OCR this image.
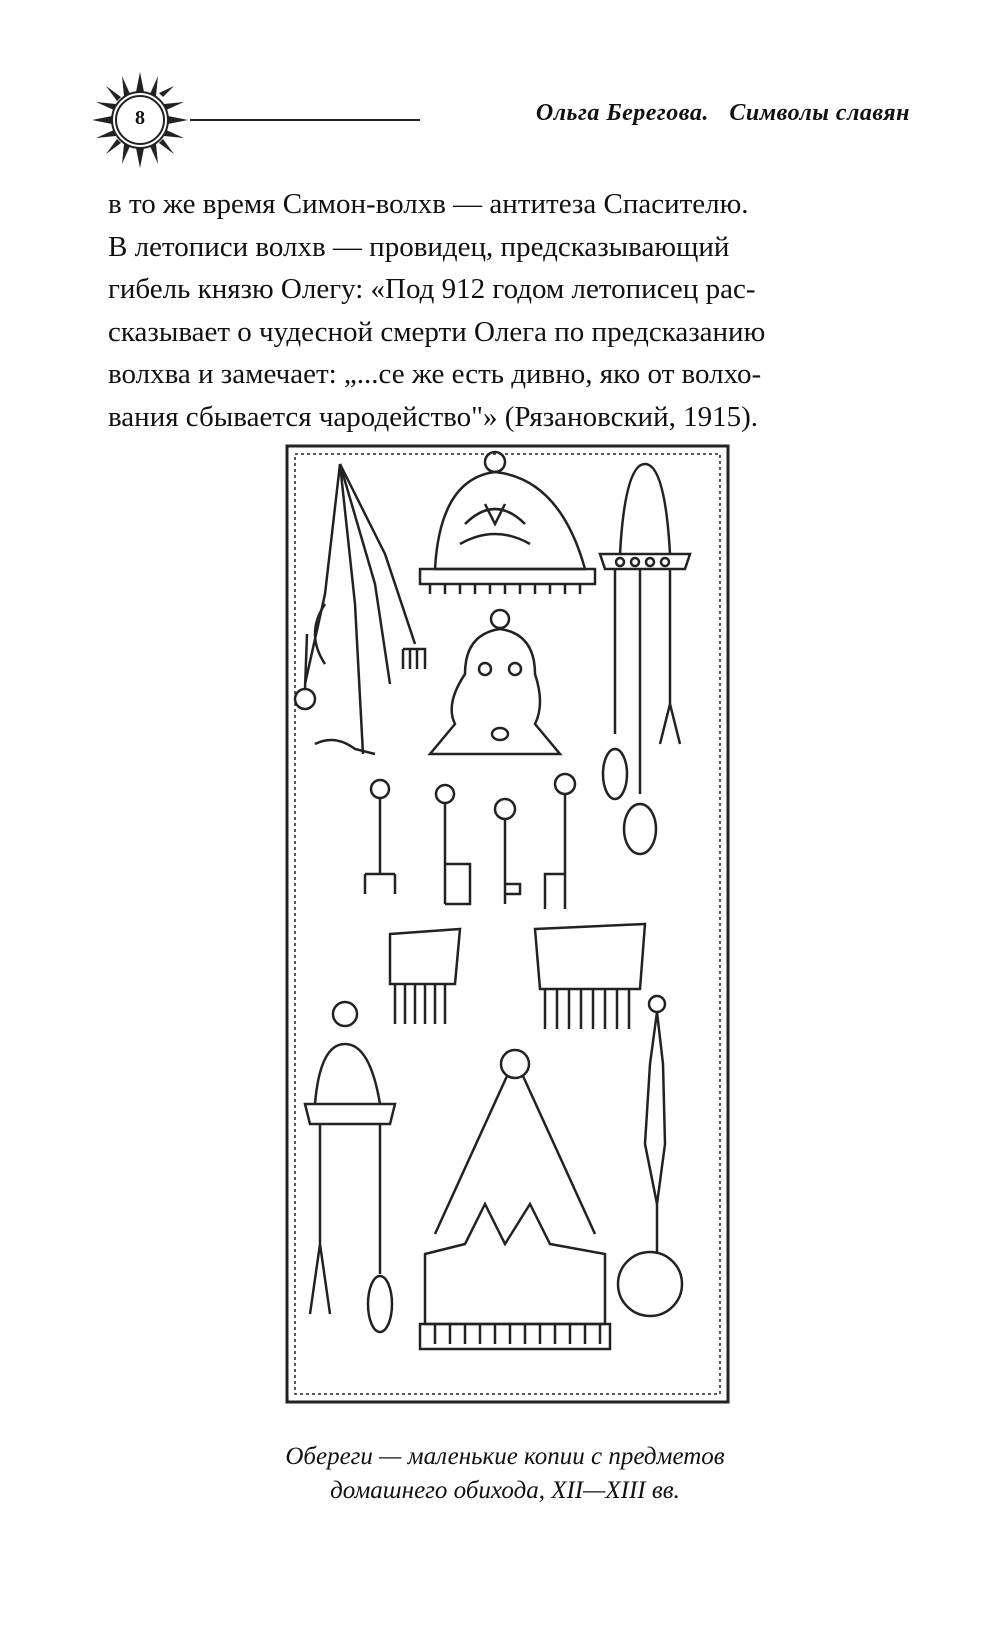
8	Ольга Берегова. Символы славян
в то же время Симон-волхв — антитеза Спасителю.
В летописи волхв — провидец, предсказывающий
гибель князю Олегу: «Под 912 годом летописец рас-
сказывает о чудесной смерти Олега по предсказанию
волхва и замечает: „...се же есть дивно, яко от волхо-
вания сбывается чародейство"» (Рязановский, 1915).
Обереги — маленькие копии с предметов
домашнего обихода, XII—XIII вв.
